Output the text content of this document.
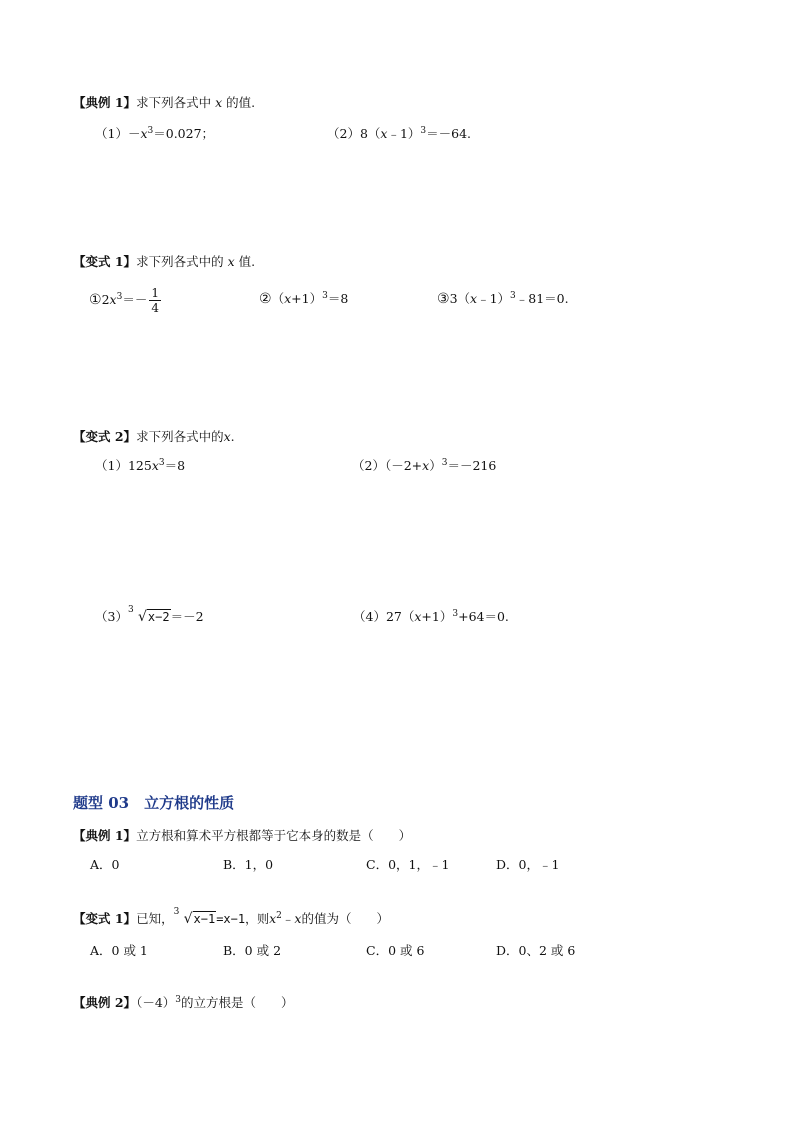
【典例 1】求下列各式中 x 的值.
$(1)-x^3=0.027$；	（2）8（x﹣1）$^3$＝－64.
【变式 1】求下列各式中的 x 值.
$①2x^3=- \frac{1}{4}$	$②(x+1)^3=8$	③3（x﹣1）$^3$﹣81＝0.
【变式 2】求下列各式中的x.
$(1)125x^3=8$	$(2)(-2+x)^3=-216$
（3） 3 √x−2＝－2	$(4)27(x+1)^3+64=0$.
题型 03　立方根的性质
【典例 1】立方根和算术平方根都等于它本身的数是（　　）
A．0	B．1，0	C．0，1，﹣1	D．0，﹣1
【变式 1】已知， 3 √x−1=x−1，则$x^2﹣x$的值为（　　）
A．0 或 1	B．0 或 2	C．0 或 6	D．0、2 或 6
【典例 2】$(-4)^3$的立方根是（　　）
